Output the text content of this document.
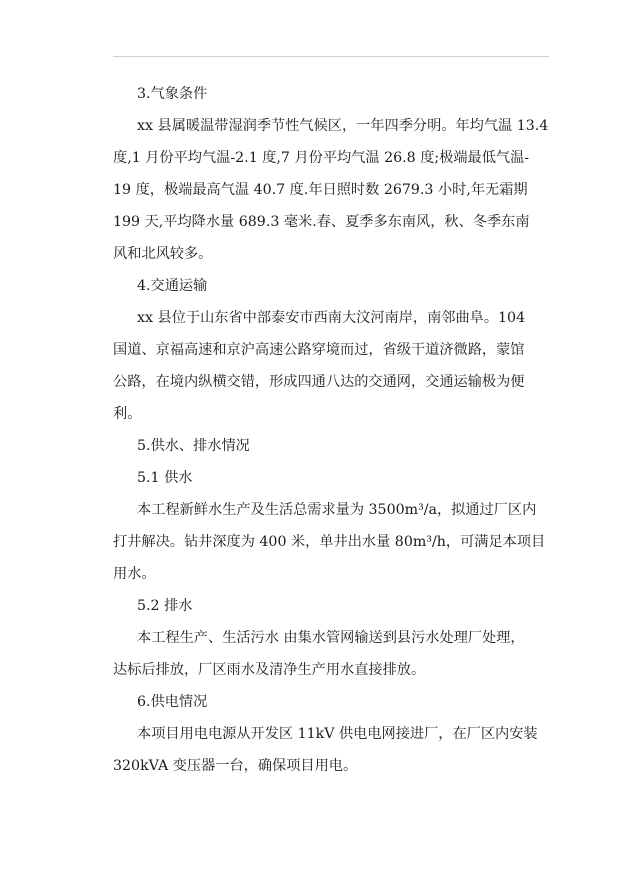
3.气象条件

xx 县属暖温带湿润季节性气候区，一年四季分明。年均气温 13.4
度,1 月份平均气温-2.1 度,7 月份平均气温 26.8 度;极端最低气温-
19 度，极端最高气温 40.7 度.年日照时数 2679.3 小时,年无霜期
199 天,平均降水量 689.3 毫米.春、夏季多东南风，秋、冬季东南
风和北风较多。

4.交通运输

xx 县位于山东省中部泰安市西南大汶河南岸，南邻曲阜。104
国道、京福高速和京沪高速公路穿境而过，省级干道济微路，蒙馆
公路，在境内纵横交错，形成四通八达的交通网，交通运输极为便
利。

5.供水、排水情况

5.1 供水

本工程新鲜水生产及生活总需求量为 3500m³/a，拟通过厂区内
打井解决。钻井深度为 400 米，单井出水量 80m³/h，可满足本项目
用水。

5.2 排水

本工程生产、生活污水 由集水管网输送到县污水处理厂处理，
达标后排放，厂区雨水及清净生产用水直接排放。

6.供电情况

本项目用电电源从开发区 11kV 供电电网接进厂，在厂区内安装
320kVA 变压器一台，确保项目用电。
